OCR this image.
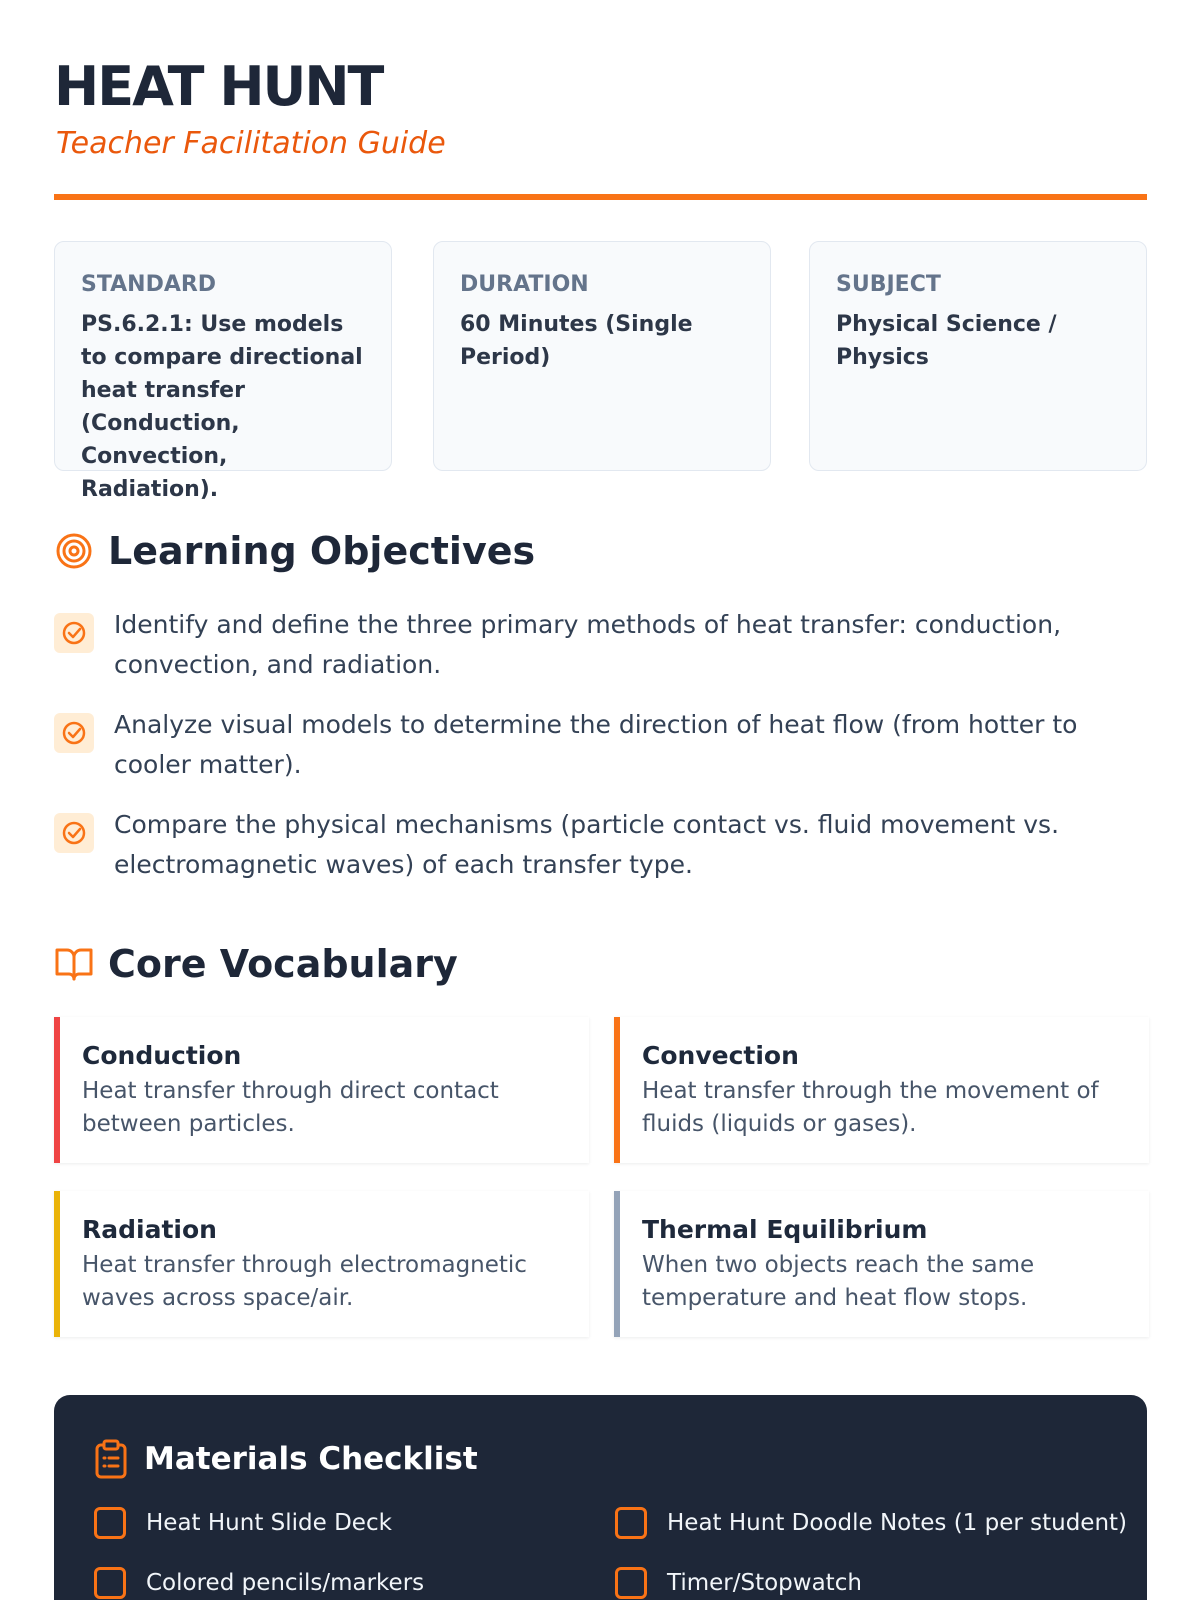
HEAT HUNT
Teacher Facilitation Guide
STANDARD
PS.6.2.1: Use models to compare directional heat transfer (Conduction, Convection, Radiation).
DURATION
60 Minutes (Single Period)
SUBJECT
Physical Science / Physics
Learning Objectives
Identify and define the three primary methods of heat transfer: conduction, convection, and radiation.
Analyze visual models to determine the direction of heat flow (from hotter to cooler matter).
Compare the physical mechanisms (particle contact vs. fluid movement vs. electromagnetic waves) of each transfer type.
Core Vocabulary
Conduction
Heat transfer through direct contact between particles.
Convection
Heat transfer through the movement of fluids (liquids or gases).
Radiation
Heat transfer through electromagnetic waves across space/air.
Thermal Equilibrium
When two objects reach the same temperature and heat flow stops.
Materials Checklist
Heat Hunt Slide Deck	Heat Hunt Doodle Notes (1 per student)
Colored pencils/markers	Timer/Stopwatch
